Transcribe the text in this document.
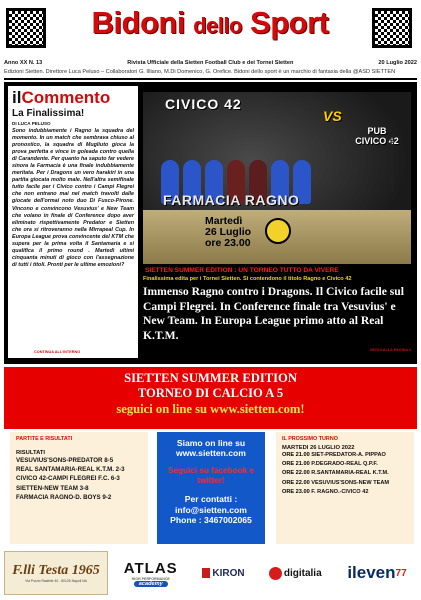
Bidoni dello Sport
Anno XX N. 13	Rivista Ufficiale della Sietten Football Club e dei Tornei Sietten	20 Luglio 2022
Edizioni Sietten. Direttore Luca Peluso – Collaboratori G. Illiano, M.Di Domenico, G. Orefice. Bidoni dello sport è un marchio di fantasia della @ASD SIETTEN
ilCommento
La Finalissima!
DI LUCA PELUSO
Sono indubbiamente i Ragno la squadra del momento. In un match che sembrava chiuso al pronostico, la squadra di Mugliuto gioca la prova perfetta e vince in goleada contro quella di Carandente. Per quanto ha saputo far vedere sinora la Farmacia è una finale indubbiamente meritata. Per i Dragons un vero harakiri in una partita giocata molto male. Nell'altra semifinale tutto facile per i Civico contro i Campi Flegrei che non entrano mai nel match travolti dalle giocate dell'ormai noto duo Di Fusco-Pirone. Vincono e convincono Vesuvius' e New Team che volano in finale di Conference dopo aver eliminato rispettivamente Predator e Sietten che ora si ritroveranno nella Mirrapeal Cup. In Europa League prova convincente del KTM che supera per la prima volta il Santamaria e si qualifica il primo round . Martedì ultimi cinquanta minuti di gioco con l'assegnazione di tutti i titoli. Pronti per le ultime emozioni?
CONTINUA ALL'INTERNO
CIVICO 42
VS
PUB CIVICO 42
FARMACIA RAGNO
Martedì
26 Luglio
ore 23.00
www.sietten.com
SIETTEN SUMMER EDITION : UN TORNEO TUTTO DA VIVERE
Finalissima edita per i Tornei Sietten. Si contendono il titolo Ragno e Civico 42
Immenso Ragno contro i Dragons. Il Civico facile sul Campi Flegrei. In Conference finale tra Vesuvius' e New Team. In Europa League primo atto al Real K.T.M.
SEGUI ALLA PAGINA 2
SIETTEN SUMMER EDITION
TORNEO DI CALCIO A 5
seguici on line su www.sietten.com!
PARTITE E RISULTATI
RISULTATI
VESUVIUS'SONS-PREDATOR 8-5
REAL SANTAMARIA-REAL K.T.M. 2-3
CIVICO 42-CAMPI FLEGREI F.C. 6-3
SIETTEN-NEW TEAM 3-8
FARMACIA RAGNO-D. BOYS 9-2
Siamo on line su
www.sietten.com
Seguici su facebook e
twitter!
Per contatti :
info@sietten.com
Phone : 3467002065
IL PROSSIMO TURNO
MARTEDI 26 LUGLIO 2022
ORE 21.00 SIET-PREDATOR-A. PIPPAO
ORE 21.00 P.DEGRADO-REAL Q.P.F.
ORE 22.00 R.SANTAMARIA-REAL K.T.M.
ORE 22.00 VESUVIUS'SONS-NEW TEAM
ORE 23.00 F. RAGNO.-CIVICO 42
F.lli Testa 1965
Via Porzio Rasibile 40 - 80126 Napoli NA
ATLAS
HIGH PERFORMANCE
academy
KIRON	digitalia ileven 77
